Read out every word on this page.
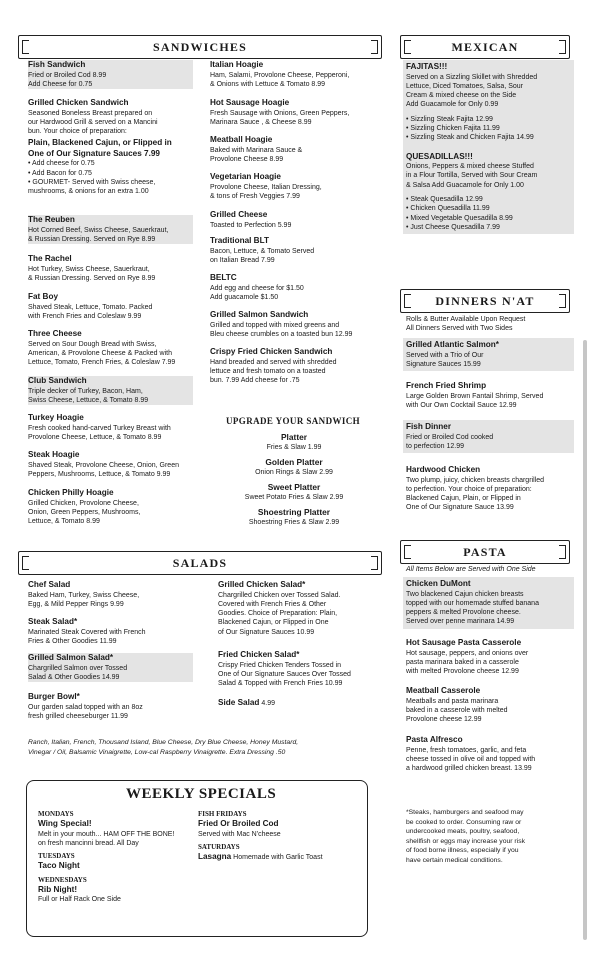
SANDWICHES	MEXICAN
DINNERS N'AT
SALADS
PASTA
Fish Sandwich
Fried or Broiled Cod 8.99
Add Cheese for 0.75
Grilled Chicken Sandwich
Seasoned Boneless Breast prepared on
our Hardwood Grill & served on a Mancini
bun. Your choice of preparation:
Plain, Blackened Cajun, or Flipped in
One of Our Signature Sauces 7.99
• Add cheese for 0.75
• Add Bacon for 0.75
• GOURMET- Served with Swiss cheese,
mushrooms, & onions for an extra 1.00
The Reuben
Hot Corned Beef, Swiss Cheese, Sauerkraut,
& Russian Dressing. Served on Rye 8.99
The Rachel
Hot Turkey, Swiss Cheese, Sauerkraut,
& Russian Dressing. Served on Rye 8.99
Fat Boy
Shaved Steak, Lettuce, Tomato. Packed
with French Fries and Coleslaw 9.99
Three Cheese
Served on Sour Dough Bread with Swiss,
American, & Provolone Cheese & Packed with
Lettuce, Tomato, French Fries, & Coleslaw 7.99
Club Sandwich
Triple decker of Turkey, Bacon, Ham,
Swiss Cheese, Lettuce, & Tomato 8.99
Turkey Hoagie
Fresh cooked hand-carved Turkey Breast with
Provolone Cheese, Lettuce, & Tomato 8.99
Steak Hoagie
Shaved Steak, Provolone Cheese, Onion, Green
Peppers, Mushrooms, Lettuce, & Tomato 9.99
Chicken Philly Hoagie
Grilled Chicken, Provolone Cheese,
Onion, Green Peppers, Mushrooms,
Lettuce, & Tomato 8.99
Italian Hoagie
Ham, Salami, Provolone Cheese, Pepperoni,
& Onions with Lettuce & Tomato 8.99
Hot Sausage Hoagie
Fresh Sausage with Onions, Green Peppers,
Marinara Sauce , & Cheese 8.99
Meatball Hoagie
Baked with Marinara Sauce &
Provolone Cheese 8.99
Vegetarian Hoagie
Provolone Cheese, Italian Dressing,
& tons of Fresh Veggies 7.99
Grilled Cheese
Toasted to Perfection 5.99
Traditional BLT
Bacon, Lettuce, & Tomato Served
on Italian Bread 7.99
BELTC
Add egg and cheese for $1.50
Add guacamole $1.50
Grilled Salmon Sandwich
Grilled and topped with mixed greens and
Bleu cheese crumbles on a toasted bun 12.99
Crispy Fried Chicken Sandwich
Hand breaded and served with shredded
lettuce and fresh tomato on a toasted
bun. 7.99 Add cheese for .75
UPGRADE YOUR SANDWICH
Platter
Fries & Slaw 1.99
Golden Platter
Onion Rings & Slaw 2.99
Sweet Platter
Sweet Potato Fries & Slaw 2.99
Shoestring Platter
Shoestring Fries & Slaw 2.99
FAJITAS!!!
Served on a Sizzling Skillet with Shredded
Lettuce, Diced Tomatoes, Salsa, Sour
Cream & mixed cheese on the Side
Add Guacamole for Only 0.99
• Sizzling Steak Fajita 12.99
• Sizzling Chicken Fajita 11.99
• Sizzling Steak and Chicken Fajita 14.99
QUESADILLAS!!!
Onions, Peppers & mixed cheese Stuffed
in a Flour Tortilla, Served with Sour Cream
& Salsa Add Guacamole for Only 1.00
• Steak Quesadilla 12.99
• Chicken Quesadilla 11.99
• Mixed Vegetable Quesadilla 8.99
• Just Cheese Quesadilla 7.99
Rolls & Butter Available Upon Request
All Dinners Served with Two Sides
Grilled Atlantic Salmon*
Served with a Trio of Our
Signature Sauces 15.99
French Fried Shrimp
Large Golden Brown Fantail Shrimp, Served
with Our Own Cocktail Sauce 12.99
Fish Dinner
Fried or Broiled Cod cooked
to perfection 12.99
Hardwood Chicken
Two plump, juicy, chicken breasts chargrilled
to perfection. Your choice of preparation:
Blackened Cajun, Plain, or Flipped in
One of Our Signature Sauce 13.99
All Items Below are Served with One Side
Chicken DuMont
Two blackened Cajun chicken breasts
topped with our homemade stuffed banana
peppers & melted Provolone cheese.
Served over penne marinara 14.99
Hot Sausage Pasta Casserole
Hot sausage, peppers, and onions over
pasta marinara baked in a casserole
with melted Provolone cheese 12.99
Meatball Casserole
Meatballs and pasta marinara
baked in a casserole with melted
Provolone cheese 12.99
Pasta Alfresco
Penne, fresh tomatoes, garlic, and feta
cheese tossed in olive oil and topped with
a hardwood grilled chicken breast. 13.99
Chef Salad
Baked Ham, Turkey, Swiss Cheese,
Egg, & Mild Pepper Rings 9.99
Steak Salad*
Marinated Steak Covered with French
Fries & Other Goodies 11.99
Grilled Salmon Salad*
Chargrilled Salmon over Tossed
Salad & Other Goodies 14.99
Burger Bowl*
Our garden salad topped with an 8oz
fresh grilled cheeseburger 11.99
Grilled Chicken Salad*
Chargrilled Chicken over Tossed Salad.
Covered with French Fries & Other
Goodies. Choice of Preparation: Plain,
Blackened Cajun, or Flipped in One
of Our Signature Sauces 10.99
Fried Chicken Salad*
Crispy Fried Chicken Tenders Tossed in
One of Our Signature Sauces Over Tossed
Salad & Topped with French Fries 10.99
Side Salad 4.99
Ranch, Italian, French, Thousand Island, Blue Cheese, Dry Blue Cheese, Honey Mustard,
Vinegar / Oil, Balsamic Vinaigrette, Low-cal Raspberry Vinaigrette. Extra Dressing .50
WEEKLY SPECIALS
MONDAYS
Wing Special!
Melt in your mouth... HAM OFF THE BONE!
on fresh mancinni bread. All Day
TUESDAYS
Taco Night
WEDNESDAYS
Rib Night!
Full or Half Rack One Side
FISH FRIDAYS
Fried Or Broiled Cod
Served with Mac N'cheese
SATURDAYS
Lasagna Homemade with Garlic Toast
*Steaks, hamburgers and seafood may
be cooked to order. Consuming raw or
undercooked meats, poultry, seafood,
shellfish or eggs may increase your risk
of food borne illness, especially if you
have certain medical conditions.
